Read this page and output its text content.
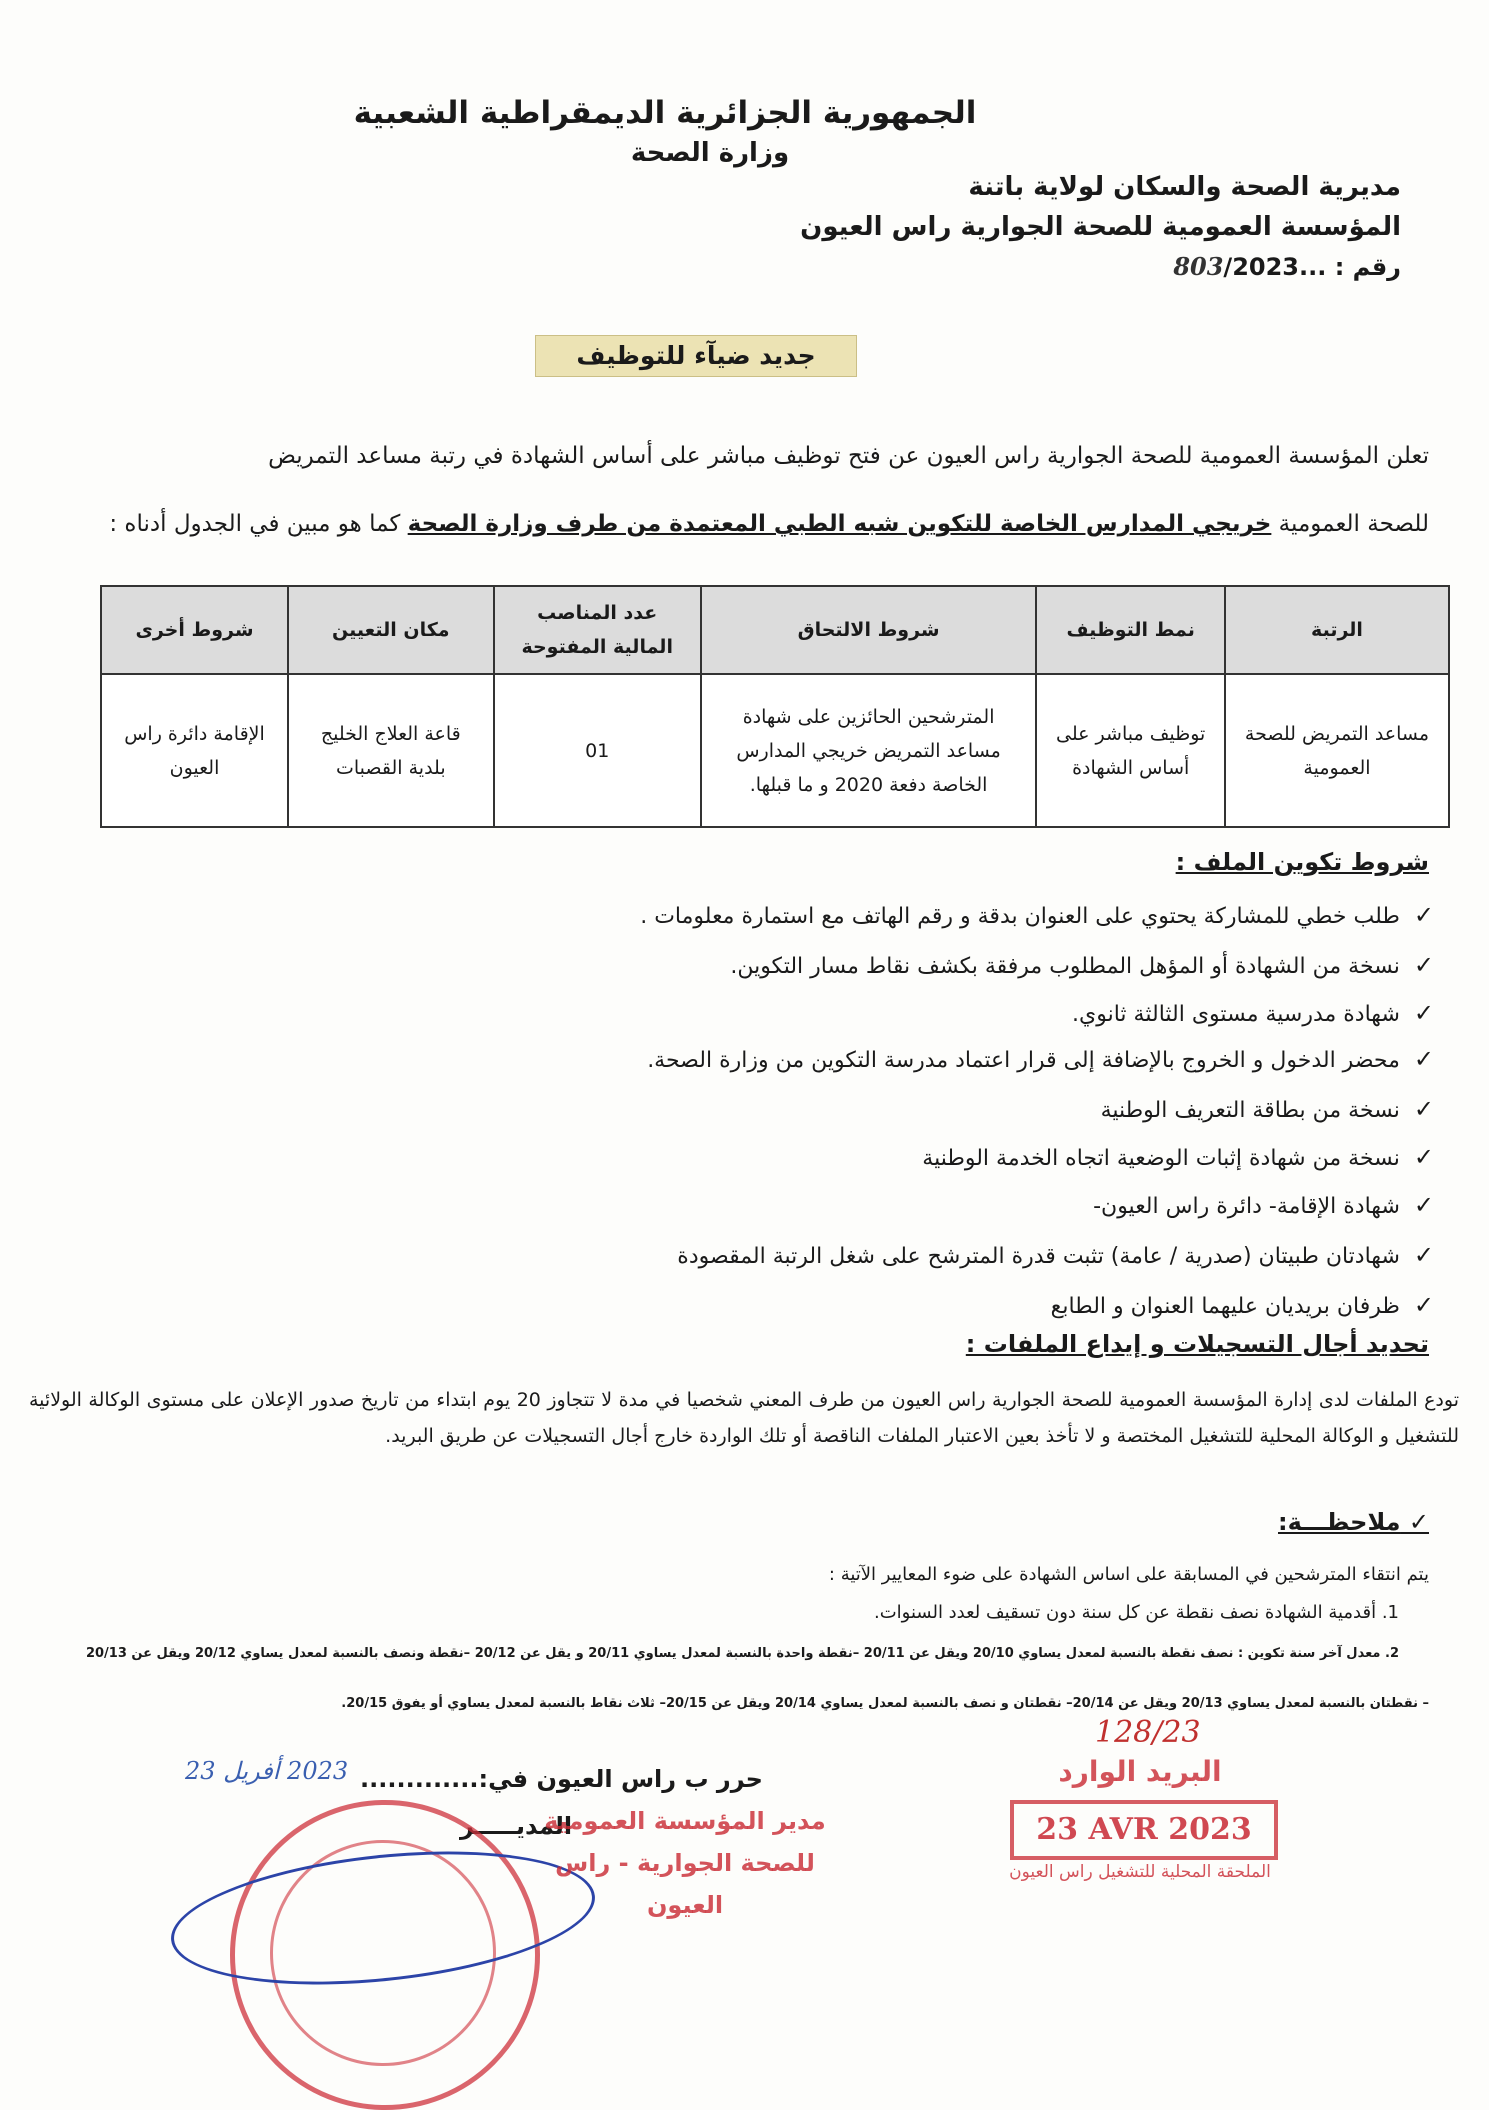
الجمهورية الجزائرية الديمقراطية الشعبية
وزارة الصحة
مديرية الصحة والسكان لولاية باتنة
المؤسسة العمومية للصحة الجوارية راس العيون
رقم : ...803/2023
جديد ضيآء للتوظيف
تعلن المؤسسة العمومية للصحة الجوارية راس العيون عن فتح توظيف مباشر على أساس الشهادة في رتبة مساعد التمريض
للصحة العمومية خريجي المدارس الخاصة للتكوين شبه الطبي المعتمدة من طرف وزارة الصحة كما هو مبين في الجدول أدناه :
الرتبة	نمط التوظيف	شروط الالتحاق	عدد المناصب المالية المفتوحة	مكان التعيين	شروط أخرى
مساعد التمريض للصحة العمومية	توظيف مباشر على أساس الشهادة	المترشحين الحائزين على شهادة مساعد التمريض خريجي المدارس الخاصة دفعة 2020 و ما قبلها.	01	قاعة العلاج الخليج بلدية القصبات	الإقامة دائرة راس العيون
شروط تكوين الملف :
✓ طلب خطي للمشاركة يحتوي على العنوان بدقة و رقم الهاتف مع استمارة معلومات .
✓ نسخة من الشهادة أو المؤهل المطلوب مرفقة بكشف نقاط مسار التكوين.
✓ شهادة مدرسية مستوى الثالثة ثانوي.
✓ محضر الدخول و الخروج بالإضافة إلى قرار اعتماد مدرسة التكوين من وزارة الصحة.
✓ نسخة من بطاقة التعريف الوطنية
✓ نسخة من شهادة إثبات الوضعية اتجاه الخدمة الوطنية
✓ شهادة الإقامة- دائرة راس العيون-
✓ شهادتان طبيتان (صدرية / عامة) تثبت قدرة المترشح على شغل الرتبة المقصودة
✓ ظرفان بريديان عليهما العنوان و الطابع
تحديد أجال التسجيلات و إيداع الملفات :
تودع الملفات لدى إدارة المؤسسة العمومية للصحة الجوارية راس العيون من طرف المعني شخصيا في مدة لا تتجاوز 20 يوم ابتداء من تاريخ صدور الإعلان على مستوى الوكالة الولائية للتشغيل و الوكالة المحلية للتشغيل المختصة و لا تأخذ بعين الاعتبار الملفات الناقصة أو تلك الواردة خارج أجال التسجيلات عن طريق البريد.
✓ ملاحظـــة:
يتم انتقاء المترشحين في المسابقة على اساس الشهادة على ضوء المعايير الآتية :
1. أقدمية الشهادة نصف نقطة عن كل سنة دون تسقيف لعدد السنوات.
2. معدل آخر سنة تكوين : نصف نقطة بالنسبة لمعدل يساوي 20/10 ويقل عن 20/11 –نقطة واحدة بالنسبة لمعدل يساوي 20/11 و يقل عن 20/12 –نقطة ونصف بالنسبة لمعدل يساوي 20/12 ويقل عن 20/13
– نقطتان بالنسبة لمعدل يساوي 20/13 ويقل عن 20/14– نقطتان و نصف بالنسبة لمعدل يساوي 20/14 ويقل عن 20/15– ثلاث نقاط بالنسبة لمعدل يساوي أو يفوق 20/15.
2023 أفريل 23 حرر ب راس العيون في:.............
المديـــــر
مدير المؤسسة العمومية للصحة الجوارية - راس العيون
128/23
البريد الوارد
23 AVR 2023
الملحقة المحلية للتشغيل راس العيون
